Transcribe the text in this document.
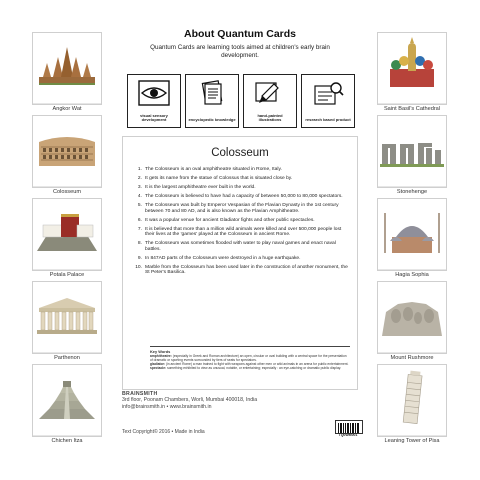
Angkor Wat
Colosseum
Potala Palace
Parthenon
Chichen Itza
Saint Basil's Cathedral
Stonehenge
Hagia Sophia
Mount Rushmore
Leaning Tower of Pisa
About Quantum Cards
Quantum Cards are learning tools aimed at children's early brain development.
visual sensory development	encyclopedic knowledge
hand-painted illustrations	research based product
Colosseum
1. The Colosseum is an oval amphitheatre situated in Rome, Italy.
2. It gets its name from the statue of Colossus that is situated close by.
3. It is the largest amphitheatre ever built in the world.
4. The Colosseum is believed to have had a capacity of between 50,000 to 80,000 spectators.
5. The Colosseum was built by Emperor Vespasian of the Flavian Dynasty in the 1st century between 70 and 80 AD, and is also known as the Flavian Amphitheatre.
6. It was a popular venue for ancient Gladiator fights and other public spectacles.
7. It is believed that more than a million wild animals were killed and over 500,000 people lost their lives at the 'games' played at the Colosseum in ancient Rome.
8. The Colosseum was sometimes flooded with water to play naval games and enact naval battles.
9. In 847AD parts of the Colosseum were destroyed in a huge earthquake.
10. Marble from the Colosseum has been used later in the construction of another monument, the St Peter's Basilica.
Key Words
amphitheatre: (especially in Greek and Roman architecture) an open, circular or oval building with a central space for the presentation of dramatic or sporting events surrounded by tiers of seats for spectators.
gladiator: (in ancient Rome) a man trained to fight with weapons against other men or wild animals in an arena for public entertainment.
spectacle: something exhibited to view as unusual, notable, or entertaining; especially : an eye-catching or dramatic public display.
BRAINSMITH
3rd floor, Poonam Chambers, Worli, Mumbai 400018, India
info@brainsmith.in • www.brainsmith.in
Text Copyright© 2016 • Made in India	TQ0WM001
